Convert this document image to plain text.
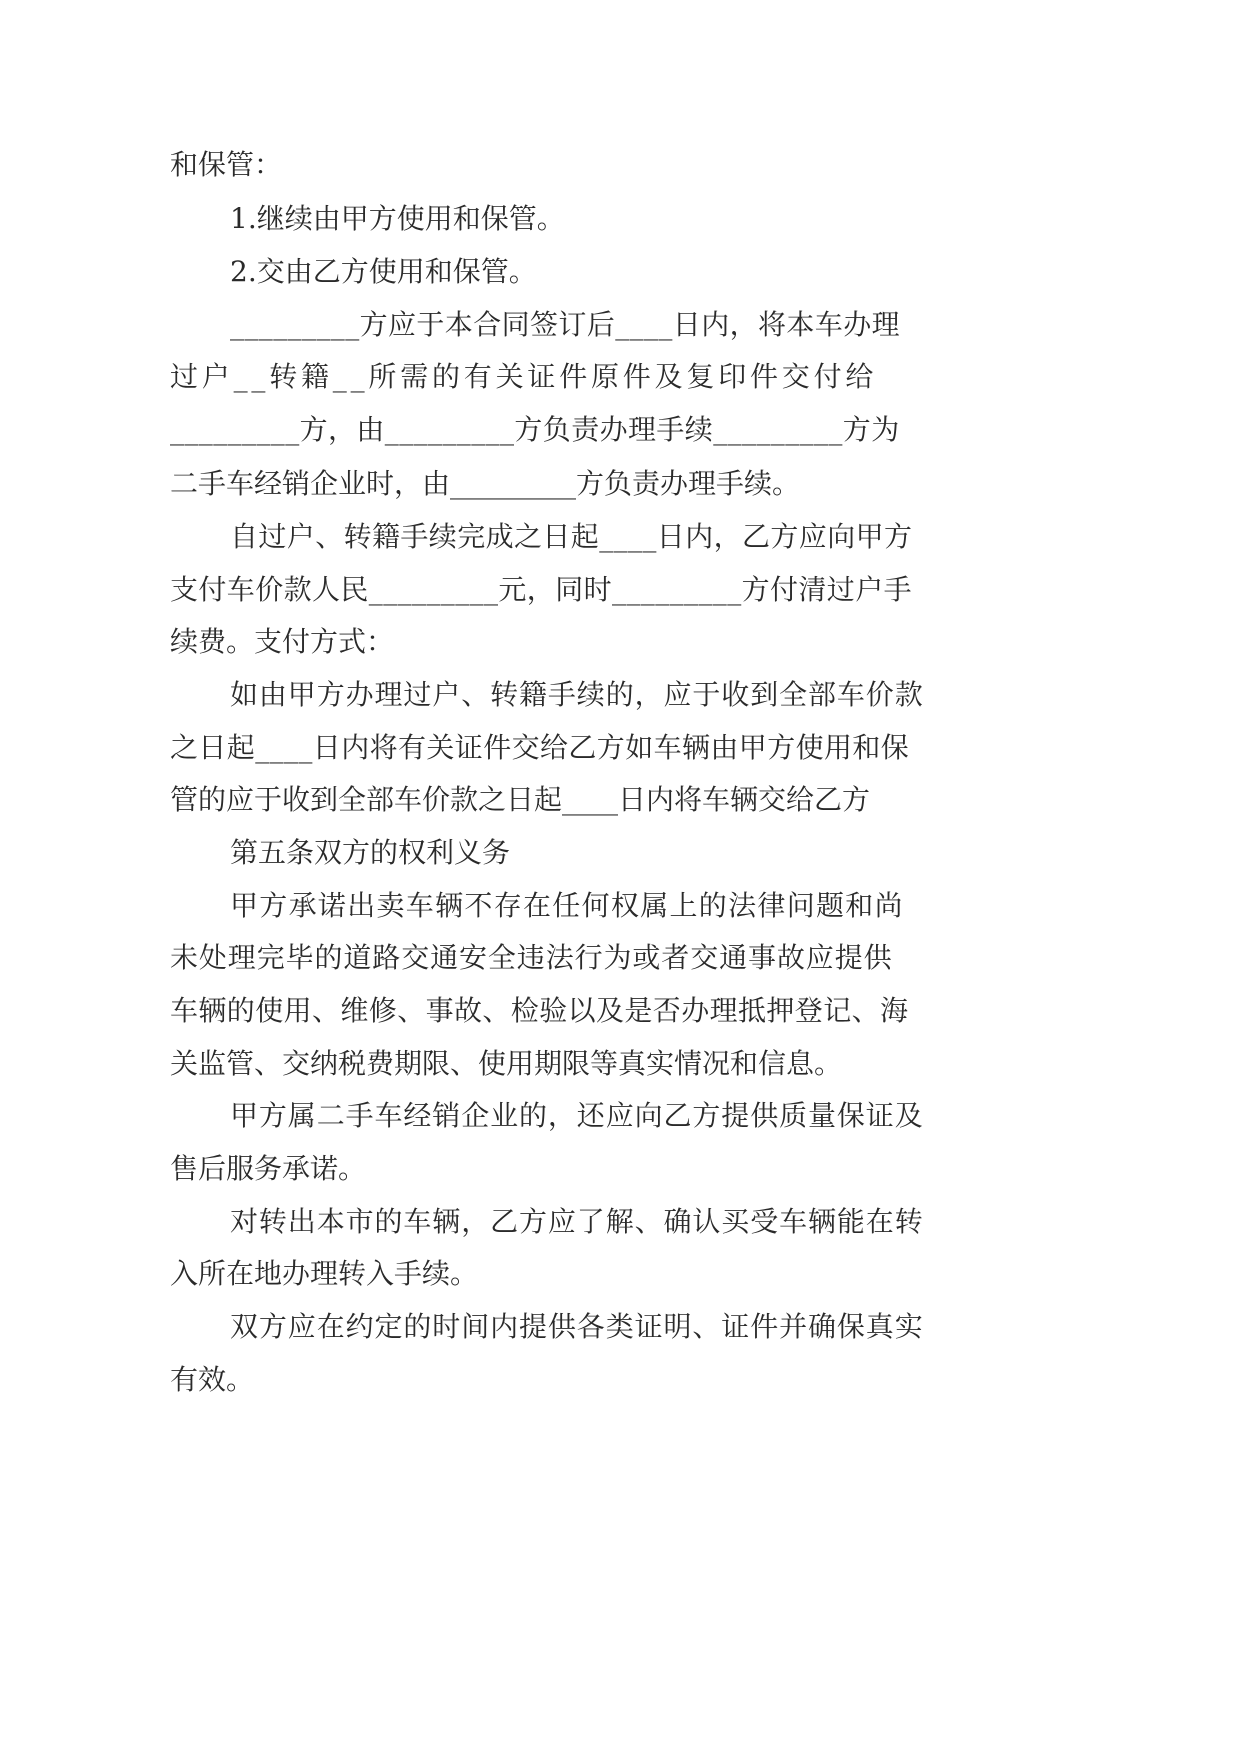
和保管：
1.继续由甲方使用和保管。
2.交由乙方使用和保管。
_________方应于本合同签订后____日内，将本车办理
过户__转籍__所需的有关证件原件及复印件交付给
_________方，由_________方负责办理手续_________方为
二手车经销企业时，由_________方负责办理手续。
自过户、转籍手续完成之日起____日内，乙方应向甲方
支付车价款人民_________元，同时_________方付清过户手
续费。支付方式：
如由甲方办理过户、转籍手续的，应于收到全部车价款
之日起____日内将有关证件交给乙方如车辆由甲方使用和保
管的应于收到全部车价款之日起____日内将车辆交给乙方
第五条双方的权利义务
甲方承诺出卖车辆不存在任何权属上的法律问题和尚
未处理完毕的道路交通安全违法行为或者交通事故应提供
车辆的使用、维修、事故、检验以及是否办理抵押登记、海
关监管、交纳税费期限、使用期限等真实情况和信息。
甲方属二手车经销企业的，还应向乙方提供质量保证及
售后服务承诺。
对转出本市的车辆，乙方应了解、确认买受车辆能在转
入所在地办理转入手续。
双方应在约定的时间内提供各类证明、证件并确保真实
有效。
